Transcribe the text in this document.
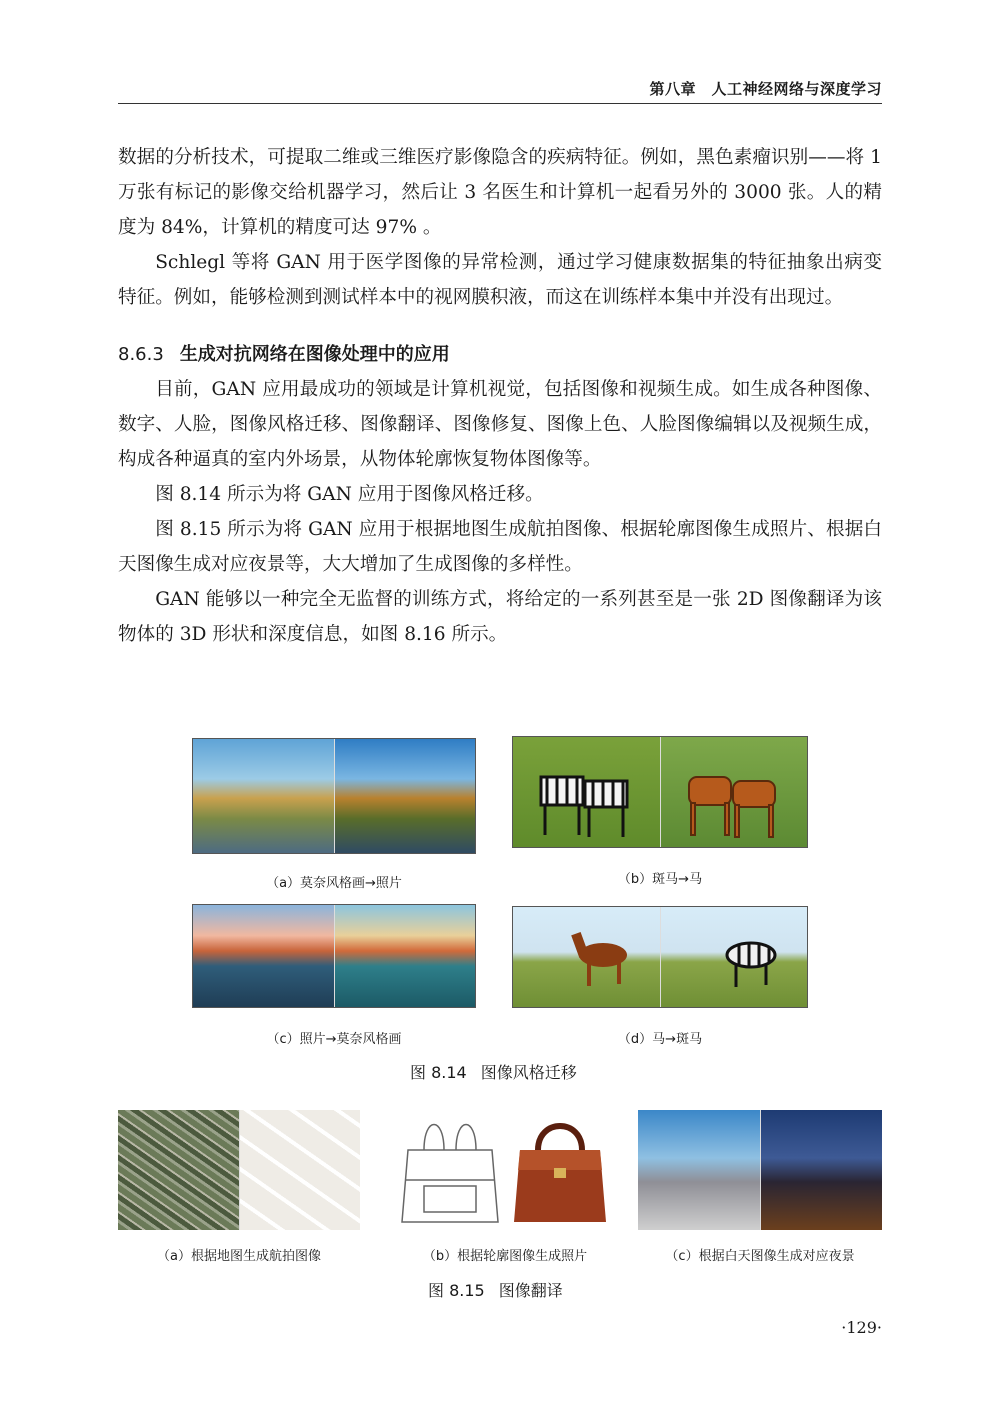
第八章　人工神经网络与深度学习

数据的分析技术，可提取二维或三维医疗影像隐含的疾病特征。例如，黑色素瘤识别——将 1 万张有标记的影像交给机器学习，然后让 3 名医生和计算机一起看另外的 3000 张。人的精度为 84%，计算机的精度可达 97% 。

Schlegl 等将 GAN 用于医学图像的异常检测，通过学习健康数据集的特征抽象出病变特征。例如，能够检测到测试样本中的视网膜积液，而这在训练样本集中并没有出现过。

8.6.3 生成对抗网络在图像处理中的应用

目前，GAN 应用最成功的领域是计算机视觉，包括图像和视频生成。如生成各种图像、数字、人脸，图像风格迁移、图像翻译、图像修复、图像上色、人脸图像编辑以及视频生成，构成各种逼真的室内外场景，从物体轮廓恢复物体图像等。

图 8.14 所示为将 GAN 应用于图像风格迁移。

图 8.15 所示为将 GAN 应用于根据地图生成航拍图像、根据轮廓图像生成照片、根据白天图像生成对应夜景等，大大增加了生成图像的多样性。

GAN 能够以一种完全无监督的训练方式，将给定的一系列甚至是一张 2D 图像翻译为该物体的 3D 形状和深度信息，如图 8.16 所示。

（a）莫奈风格画→照片	（b）斑马→马
（c）照片→莫奈风格画	（d）马→斑马
图 8.14 图像风格迁移
（a）根据地图生成航拍图像	（b）根据轮廓图像生成照片	（c）根据白天图像生成对应夜景
图 8.15 图像翻译
·129·
